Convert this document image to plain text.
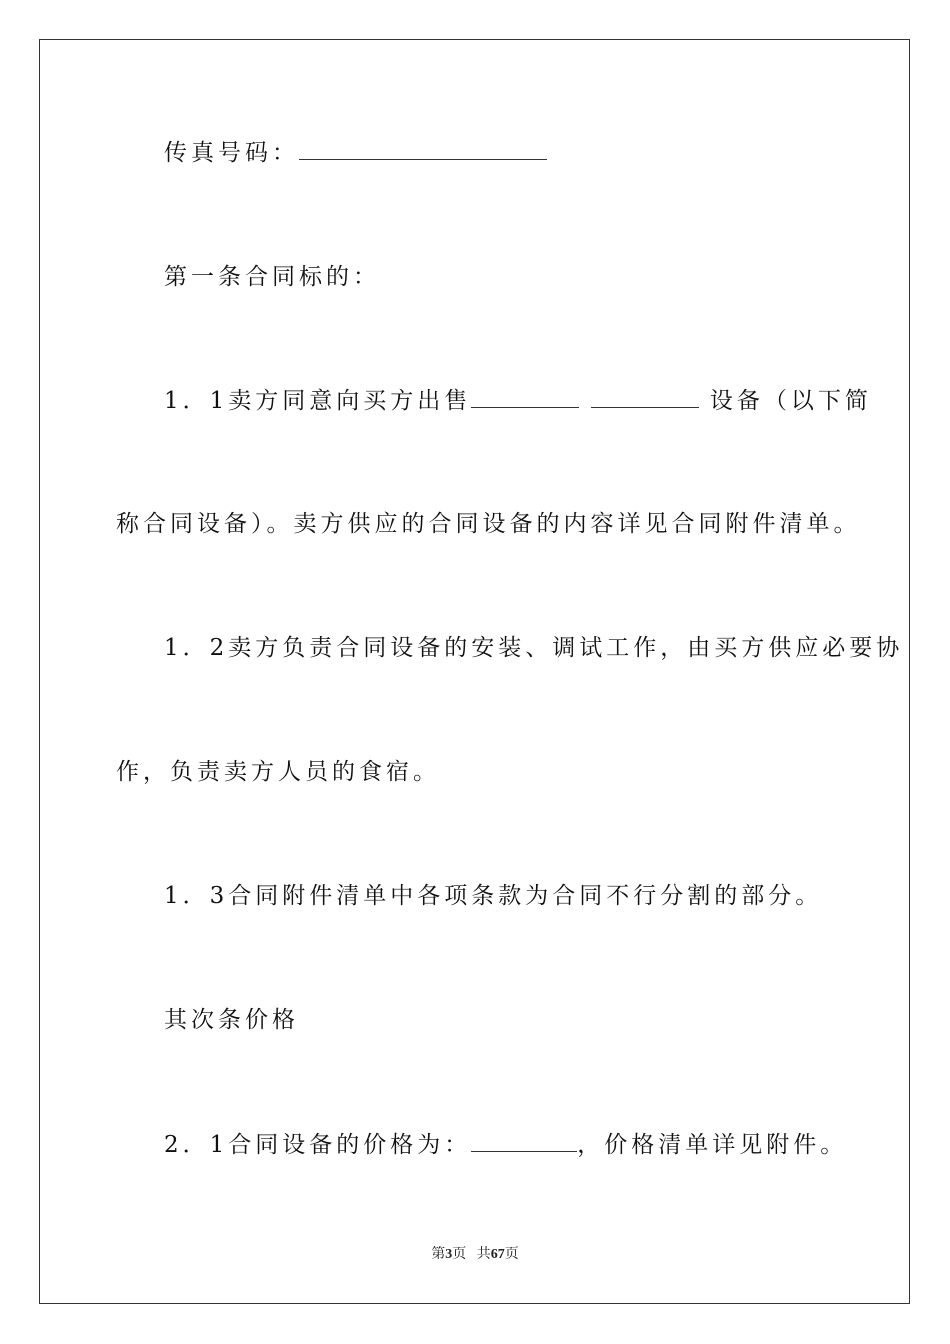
传真号码：
第一条合同标的：
1．1卖方同意向买方出售	设备（以下简
称合同设备）。卖方供应的合同设备的内容详见合同附件清单。
1．2卖方负责合同设备的安装、调试工作，由买方供应必要协
作，负责卖方人员的食宿。
1．3合同附件清单中各项条款为合同不行分割的部分。
其次条价格
2．1合同设备的价格为：	，价格清单详见附件。
第3页 共67页
